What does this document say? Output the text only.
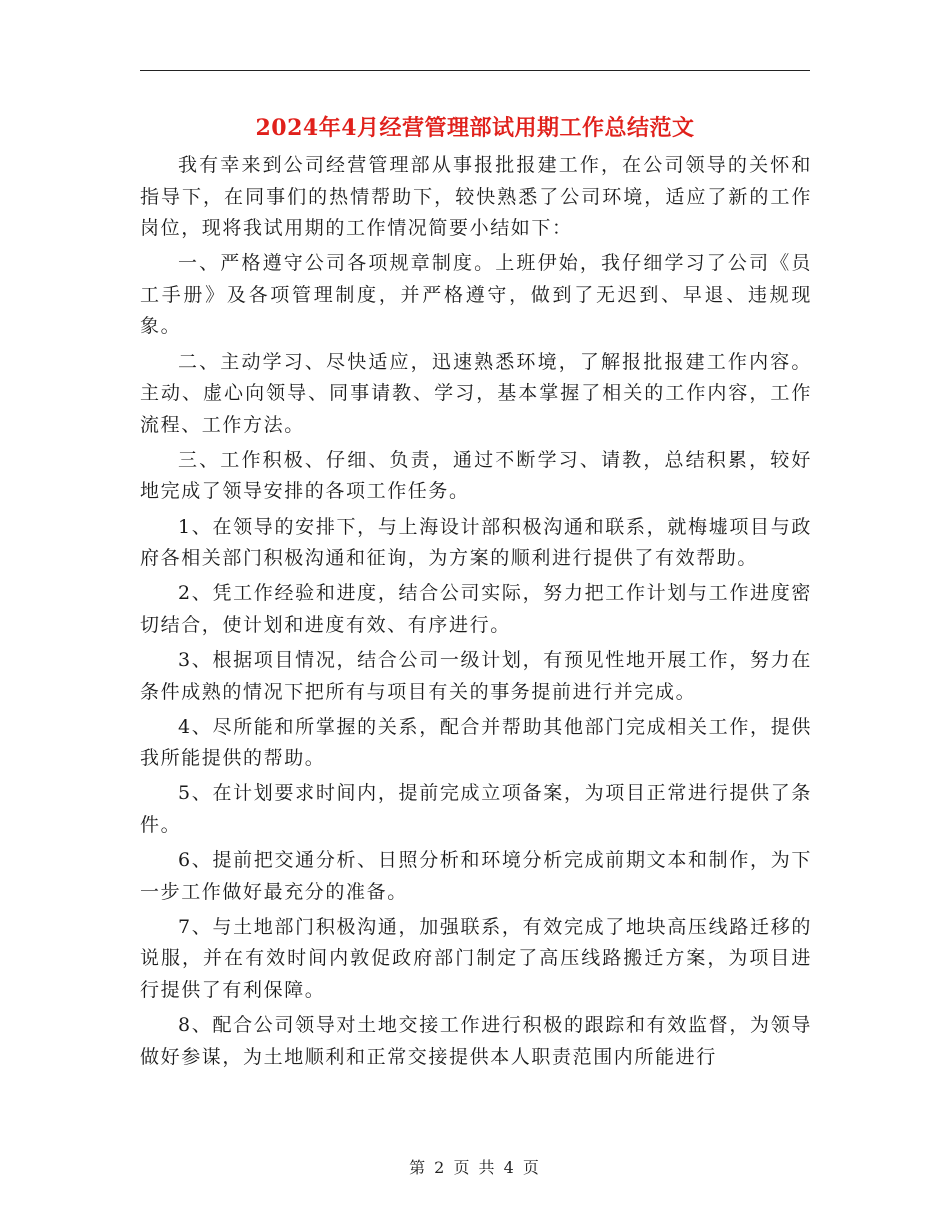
2024年4月经营管理部试用期工作总结范文

我有幸来到公司经营管理部从事报批报建工作，在公司领导的关怀和指导下，在同事们的热情帮助下，较快熟悉了公司环境，适应了新的工作岗位，现将我试用期的工作情况简要小结如下：

一、严格遵守公司各项规章制度。上班伊始，我仔细学习了公司《员工手册》及各项管理制度，并严格遵守，做到了无迟到、早退、违规现象。

二、主动学习、尽快适应，迅速熟悉环境，了解报批报建工作内容。主动、虚心向领导、同事请教、学习，基本掌握了相关的工作内容，工作流程、工作方法。

三、工作积极、仔细、负责，通过不断学习、请教，总结积累，较好地完成了领导安排的各项工作任务。

1、在领导的安排下，与上海设计部积极沟通和联系，就梅墟项目与政府各相关部门积极沟通和征询，为方案的顺利进行提供了有效帮助。

2、凭工作经验和进度，结合公司实际，努力把工作计划与工作进度密切结合，使计划和进度有效、有序进行。

3、根据项目情况，结合公司一级计划，有预见性地开展工作，努力在条件成熟的情况下把所有与项目有关的事务提前进行并完成。

4、尽所能和所掌握的关系，配合并帮助其他部门完成相关工作，提供我所能提供的帮助。

5、在计划要求时间内，提前完成立项备案，为项目正常进行提供了条件。

6、提前把交通分析、日照分析和环境分析完成前期文本和制作，为下一步工作做好最充分的准备。

7、与土地部门积极沟通，加强联系，有效完成了地块高压线路迁移的说服，并在有效时间内敦促政府部门制定了高压线路搬迁方案，为项目进行提供了有利保障。

8、配合公司领导对土地交接工作进行积极的跟踪和有效监督，为领导做好参谋，为土地顺利和正常交接提供本人职责范围内所能进行

第 2 页 共 4 页
